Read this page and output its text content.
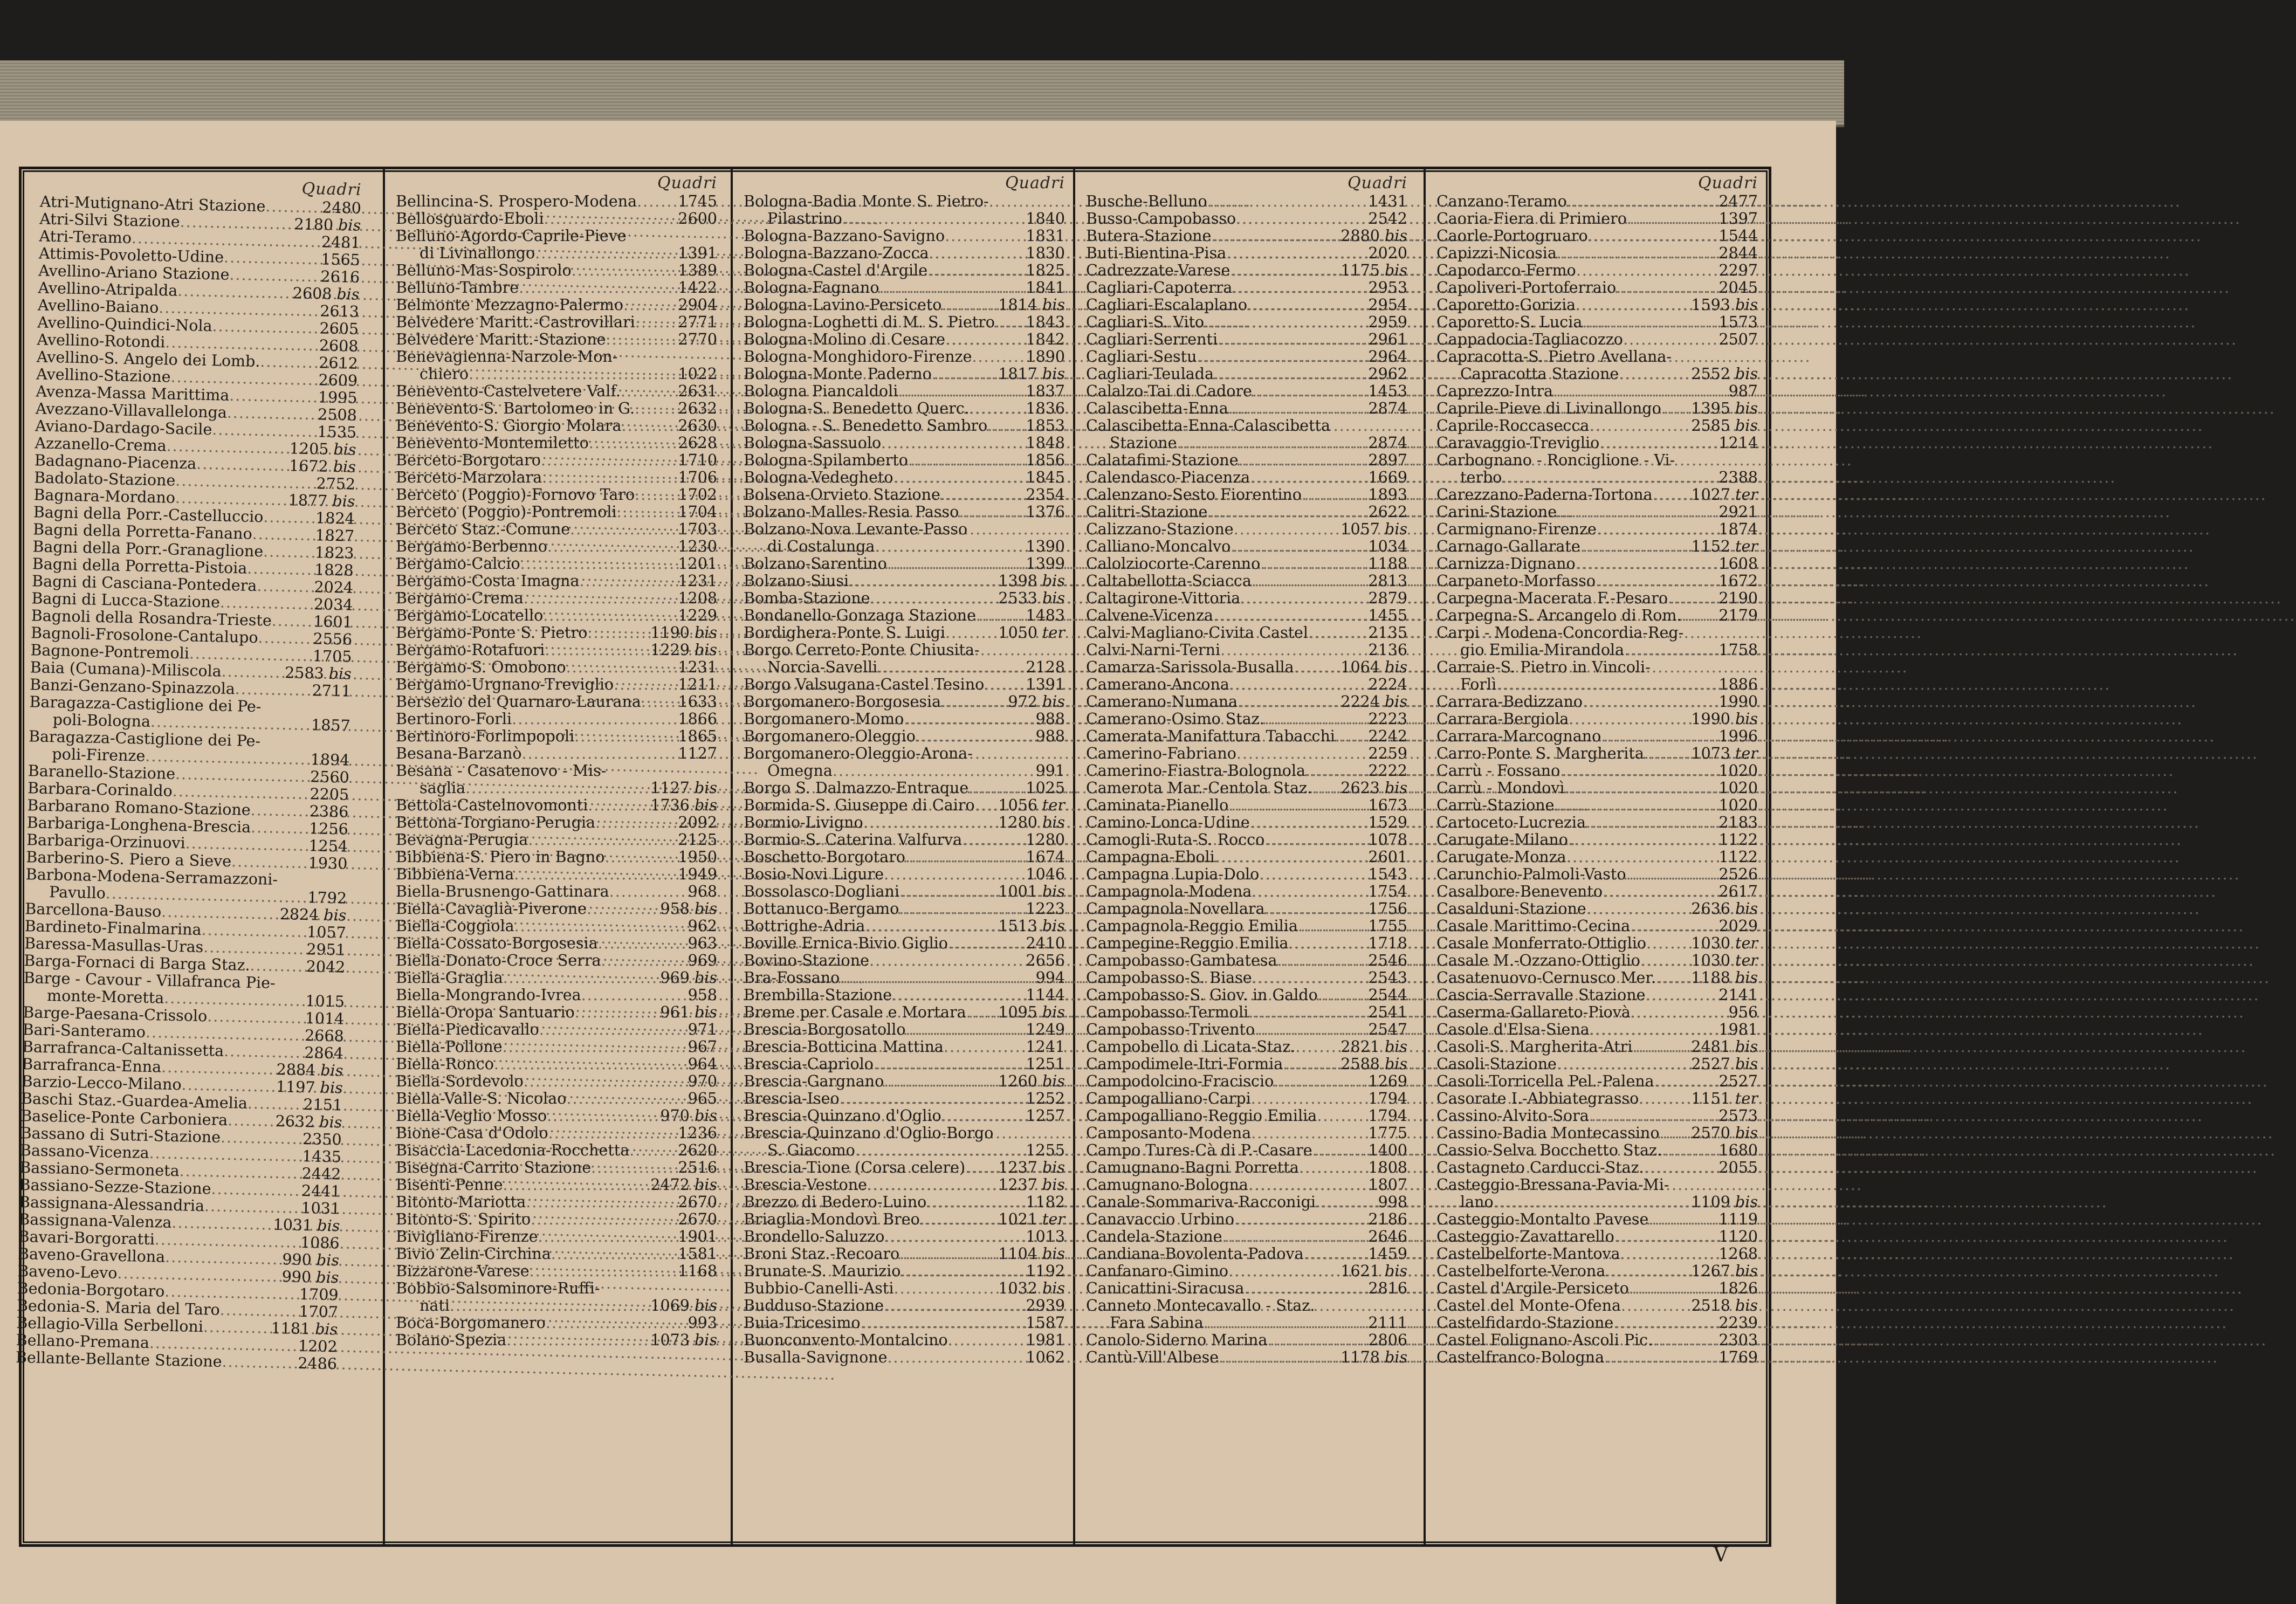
Quadri
Atri-Mutignano-Atri Stazione .....	2480
Atri-Silvi Stazione .....	2180 bis
Atri-Teramo .....	2481
Attimis-Povoletto-Udine .....	1565
Avellino-Ariano Stazione .....	2616
Avellino-Atripalda .....	2608 bis
Avellino-Baiano .....	2613
Avellino-Quindici-Nola .....	2605
Avellino-Rotondi .....	2608
Avellino-S. Angelo dei Lomb. .....	2612
Avellino-Stazione .....	2609
Avenza-Massa Marittima .....	1995
Avezzano-Villavallelonga .....	2508
Aviano-Dardago-Sacile .....	1535
Azzanello-Crema .....	1205 bis
Badagnano-Piacenza .....	1672 bis
Badolato-Stazione .....	2752
Bagnara-Mordano .....	1877 bis
Bagni della Porr.-Castelluccio .....	1824
Bagni della Porretta-Fanano .....	1827
Bagni della Porr.-Granaglione .....	1823
Bagni della Porretta-Pistoia .....	1828
Bagni di Casciana-Pontedera .....	2024
Bagni di Lucca-Stazione .....	2034
Bagnoli della Rosandra-Trieste .....	1601
Bagnoli-Frosolone-Cantalupo .....	2556
Bagnone-Pontremoli .....	1705
Baia (Cumana)-Miliscola .....	2583 bis
Banzi-Genzano-Spinazzola .....	2711
Baragazza-Castiglione dei Pe-
poli-Bologna .....	1857
Baragazza-Castiglione dei Pe-
poli-Firenze .....	1894
Baranello-Stazione .....	2560
Barbara-Corinaldo .....	2205
Barbarano Romano-Stazione .....	2386
Barbariga-Longhena-Brescia .....	1256
Barbariga-Orzinuovi .....	1254
Barberino-S. Piero a Sieve .....	1930
Barbona-Modena-Serramazzoni-
Pavullo .....	1792
Barcellona-Bauso .....	2824 bis
Bardineto-Finalmarina .....	1057
Baressa-Masullas-Uras .....	2951
Barga-Fornaci di Barga Staz. .....	2042
Barge - Cavour - Villafranca Pie-
monte-Moretta .....	1015
Barge-Paesana-Crissolo .....	1014
Bari-Santeramo .....	2668
Barrafranca-Caltanissetta .....	2864
Barrafranca-Enna .....	2884 bis
Barzio-Lecco-Milano .....	1197 bis
Baschi Staz.-Guardea-Amelia .....	2151
Baselice-Ponte Carboniera .....	2632 bis
Bassano di Sutri-Stazione .....	2350
Bassano-Vicenza .....	1435
Bassiano-Sermoneta .....	2442
Bassiano-Sezze-Stazione .....	2441
Bassignana-Alessandria .....	1031
Bassignana-Valenza .....	1031 bis
Bavari-Borgoratti .....	1086
Baveno-Gravellona .....	990 bis
Baveno-Levo .....	990 bis
Bedonia-Borgotaro .....	1709
Bedonia-S. Maria del Taro .....	1707
Bellagio-Villa Serbelloni .....	1181 bis
Bellano-Premana .....	1202
Bellante-Bellante Stazione .....	2486
Quadri
Bellincina-S. Prospero-Modena .....	1745
Bellosguardo-Eboli .....	2600
Belluno-Agordo-Caprile-Pieve
di Livinallongo .....	1391
Belluno-Mas-Sospirolo .....	1389
Belluno-Tambre .....	1422
Belmonte Mezzagno-Palermo .....	2904
Belvedere Maritt.-Castrovillari .....	2771
Belvedere Maritt.-Stazione .....	2770
Benevagienna-Narzole-Mon-
chiero .....	1022
Benevento-Castelvetere Valf. .....	2631
Benevento-S. Bartolomeo in G. .....	2632
Benevento-S. Giorgio Molara .....	2630
Benevento-Montemiletto .....	2628
Berceto-Borgotaro .....	1710
Berceto-Marzolara .....	1706
Berceto (Poggio)-Fornovo Taro .....	1702
Berceto (Poggio)-Pontremoli .....	1704
Berceto Staz.-Comune .....	1703
Bergamo-Berbenno .....	1230
Bergamo-Calcio .....	1201
Bergamo-Costa Imagna .....	1231
Bergamo-Crema .....	1208
Bergamo-Locatello .....	1229
Bergamo-Ponte S. Pietro .....	1190 bis
Bergamo-Rotafuori .....	1229 bis
Bergamo-S. Omobono .....	1231
Bergamo-Urgnano-Treviglio .....	1211
Bersezio del Quarnaro-Laurana ..... 1633
Bertinoro-Forli .....	1866
Bertinoro-Forlimpopoli .....	1865
Besana-Barzanò .....	1127
Besana - Casatenovo - Mis-
saglia .....	1127 bis
Bettola-Castelnovomonti .....	1736 bis
Bettona-Torgiano-Perugia .....	2092
Bevagna-Perugia .....	2125
Bibbiena-S. Piero in Bagno .....	1950
Bibbiena-Verna .....	1949
Biella-Brusnengo-Gattinara .....	968
Biella-Cavaglià-Piverone .....	958 bis
Biella-Coggiola .....	962
Biella-Cossato-Borgosesia .....	963
Biella-Donato-Croce Serra .....	969
Biella-Graglia .....	969 bis
Biella-Mongrando-Ivrea .....	958
Biella-Oropa Santuario .....	961 bis
Biella-Piedicavallo .....	971
Biella-Pollone .....	967
Biella-Ronco .....	964
Biella-Sordevolo .....	970
Biella-Valle-S. Nicolao .....	965
Biella-Veglio Mosso .....	970 bis
Bione-Casa d'Odolo .....	1236
Bisaccia-Lacedonia-Rocchetta .....	2620
Bisegna-Carrito Stazione .....	2516
Bisenti-Penne .....	2472 bis
Bitonto-Mariotta .....	2670
Bitonto-S. Spirito .....	2670
Bivigliano-Firenze .....	1901
Bivio Zelin-Circhina .....	1581
Bizzarone-Varese .....	1168
Bobbio-Salsominore-Ruffi-
nati .....	1069 bis
Boca-Borgomanero .....	993
Bolano-Spezia .....	1073 bis
Quadri
Bologna-Badia Monte S. Pietro-
Pilastrino .....	1840
Bologna-Bazzano-Savigno .....	1831
Bologna-Bazzano-Zocca .....	1830
Bologna-Castel d'Argile .....	1825
Bologna-Fagnano .....	1841
Bologna-Lavino-Persiceto .....	1814 bis
Bologna-Loghetti di M. S. Pietro ..... 1843
Bologna-Molino di Cesare .....	1842
Bologna-Monghidoro-Firenze .....	1890
Bologna-Monte Paderno .....	1817 bis
Bologna Piancaldoli .....	1837
Bologna-S. Benedetto Querc. .....	1836
Bologna - S. Benedetto Sambro .....	1853
Bologna-Sassuolo .....	1848
Bologna-Spilamberto .....	1856
Bologna-Vedegheto .....	1845
Bolsena-Orvieto Stazione .....	2354
Bolzano-Malles-Resia Passo .....	1376
Bolzano-Nova Levante-Passo
di Costalunga .....	1390
Bolzano-Sarentino .....	1399
Bolzano-Siusi .....	1398 bis
Bomba-Stazione .....	2533 bis
Bondanello-Gonzaga Stazione .....	1483
Bordighera-Ponte S. Luigi .....	1050 ter
Borgo Cerreto-Ponte Chiusita-
Norcia-Savelli .....	2128
Borgo Valsugana-Castel Tesino .....	1391
Borgomanero-Borgosesia .....	972 bis
Borgomanero-Momo .....	988
Borgomanero-Oleggio .....	988
Borgomanero-Oleggio-Arona-
Omegna .....	991
Borgo S. Dalmazzo-Entraque .....	1025
Bormida-S. Giuseppe di Cairo ..... 1056 ter
Bormio-Livigno .....	1280 bis
Bormio-S. Caterina Valfurva .....	1280
Boschetto-Borgotaro .....	1674
Bosio-Novi Ligure .....	1046
Bossolasco-Dogliani .....	1001 bis
Bottanuco-Bergamo .....	1223
Bottrighe-Adria .....	1513 bis
Boville Ernica-Bivio Giglio .....	2410
Bovino-Stazione .....	2656
Bra-Fossano .....	994
Brembilla-Stazione .....	1144
Breme per Casale e Mortara ..... 1095 bis
Brescia-Borgosatollo .....	1249
Brescia-Botticina Mattina .....	1241
Brescia-Capriolo .....	1251
Brescia-Gargnano .....	1260 bis
Brescia-Iseo .....	1252
Brescia-Quinzano d'Oglio .....	1257
Brescia-Quinzano d'Oglio-Borgo
S. Giacomo .....	1255
Brescia-Tione (Corsa celere) ..... 1237 bis
Brescia-Vestone .....	1237 bis
Brezzo di Bedero-Luino .....	1182
Briaglia-Mondovì Breo .....	1021 ter
Brondello-Saluzzo .....	1013
Broni Staz.-Recoaro .....	1104 bis
Brunate-S. Maurizio .....	1192
Bubbio-Canelli-Asti .....	1032 bis
Budduso-Stazione .....	2939
Buia-Tricesimo .....	1587
Buonconvento-Montalcino .....	1981
Busalla-Savignone .....	1062
Quadri
Busche-Belluno .....	1431
Busso-Campobasso .....	2542
Butera-Stazione .....	2880 bis
Buti-Bientina-Pisa .....	2020
Cadrezzate-Varese .....	1175 bis
Cagliari-Capoterra .....	2953
Cagliari-Escalaplano .....	2954
Cagliari-S. Vito .....	2959
Cagliari-Serrenti .....	2961
Cagliari-Sestu .....	2964
Cagliari-Teulada .....	2962
Calalzo-Tai di Cadore .....	1453
Calascibetta-Enna .....	2874
Calascibetta-Enna-Calascibetta
Stazione .....	2874
Calatafimi-Stazione .....	2897
Calendasco-Piacenza .....	1669
Calenzano-Sesto Fiorentino .....	1893
Calitri-Stazione .....	2622
Calizzano-Stazione .....	1057 bis
Calliano-Moncalvo .....	1034
Calolziocorte-Carenno .....	1188
Caltabellotta-Sciacca .....	2813
Caltagirone-Vittoria .....	2879
Calvene-Vicenza .....	1455
Calvi-Magliano-Civita Castel .....	2135
Calvi-Narni-Terni .....	2136
Camarza-Sarissola-Busalla .....	1064 bis
Camerano-Ancona .....	2224
Camerano-Numana .....	2224 bis
Camerano-Osimo Staz. .....	2223
Camerata-Manifattura Tabacchi ..... 2242
Camerino-Fabriano .....	2259
Camerino-Fiastra-Bolognola .....	2222
Camerota Mar.-Centola Staz. ..... 2623 bis
Caminata-Pianello .....	1673
Camino-Lonca-Udine .....	1529
Camogli-Ruta-S. Rocco .....	1078
Campagna-Eboli .....	2601
Campagna Lupia-Dolo .....	1543
Campagnola-Modena .....	1754
Campagnola-Novellara .....	1756
Campagnola-Reggio Emilia .....	1755
Campegine-Reggio Emilia .....	1718
Campobasso-Gambatesa .....	2546
Campobasso-S. Biase .....	2543
Campobasso-S. Giov. in Galdo .....	2544
Campobasso-Termoli .....	2541
Campobasso-Trivento .....	2547
Campobello di Licata-Staz. .....	2821 bis
Campodimele-Itri-Formia .....	2588 bis
Campodolcino-Fraciscio .....	1269
Campogalliano-Carpi .....	1794
Campogalliano-Reggio Emilia .....	1794
Camposanto-Modena .....	1775
Campo Tures-Cà di P.-Casare .....	1400
Camugnano-Bagni Porretta .....	1808
Camugnano-Bologna .....	1807
Canale-Sommariva-Racconigi .....	998
Canavaccio Urbino .....	2186
Candela-Stazione .....	2646
Candiana-Bovolenta-Padova .....	1459
Canfanaro-Gimino .....	1621 bis
Canicattini-Siracusa .....	2816
Canneto Montecavallo - Staz.
Fara Sabina .....	2111
Canolo-Siderno Marina .....	2806
Cantù-Vill'Albese .....	1178 bis
Quadri
Canzano-Teramo .....	2477
Caoria-Fiera di Primiero .....	1397
Caorle-Portogruaro .....	1544
Capizzi-Nicosia .....	2844
Capodarco-Fermo .....	2297
Capoliveri-Portoferraio .....	2045
Caporetto-Gorizia .....	1593 bis
Caporetto-S. Lucia .....	1573
Cappadocia-Tagliacozzo .....	2507
Capracotta-S. Pietro Avellana-
Capracotta Stazione .....	2552 bis
Caprezzo-Intra .....	987
Caprile-Pieve di Livinallongo ..... 1395 bis
Caprile-Roccasecca .....	2585 bis
Caravaggio-Treviglio .....	1214
Carbognano - Ronciglione - Vi-
terbo .....	2388
Carezzano-Paderna-Tortona .....	1027 ter
Carini-Stazione .....	2921
Carmignano-Firenze .....	1874
Carnago-Gallarate .....	1152 ter
Carnizza-Dignano .....	1608
Carpaneto-Morfasso .....	1672
Carpegna-Macerata F.-Pesaro .....	2190
Carpegna-S. Arcangelo di Rom. ..... 2179
Carpi - Modena-Concordia-Reg-
gio Emilia-Mirandola .....	1758
Carraie-S. Pietro in Vincoli-
Forlì .....	1886
Carrara-Bedizzano .....	1990
Carrara-Bergiola .....	1990 bis
Carrara-Marcognano .....	1996
Carro-Ponte S. Margherita .....	1073 ter
Carrù - Fossano .....	1020
Carrù - Mondovì .....	1020
Carrù-Stazione .....	1020
Cartoceto-Lucrezia .....	2183
Carugate-Milano .....	1122
Carugate-Monza .....	1122
Carunchio-Palmoli-Vasto .....	2526
Casalbore-Benevento .....	2617
Casalduni-Stazione .....	2636 bis
Casale Marittimo-Cecina .....	2029
Casale Monferrato-Ottiglio .....	1030 ter
Casale M.-Ozzano-Ottiglio .....	1030 ter
Casatenuovo-Cernusco Mer. ..... 1188 bis
Cascia-Serravalle Stazione .....	2141
Caserma-Gallareto-Piovà .....	956
Casole d'Elsa-Siena .....	1981
Casoli-S. Margherita-Atri .....	2481 bis
Casoli-Stazione .....	2527 bis
Casoli-Torricella Pel.-Palena .....	2527
Casorate I.-Abbiategrasso .....	1151 ter
Cassino-Alvito-Sora .....	2573
Cassino-Badia Montecassino ..... 2570 bis
Cassio-Selva Bocchetto Staz. .....	1680
Castagneto Carducci-Staz. .....	2055
Casteggio-Bressana-Pavia-Mi-
lano .....	1109 bis
Casteggio-Montalto Pavese .....	1119
Casteggio-Zavattarello .....	1120
Castelbelforte-Mantova .....	1268
Castelbelforte-Verona .....	1267 bis
Castel d'Argile-Persiceto .....	1826
Castel del Monte-Ofena .....	2518 bis
Castelfidardo-Stazione .....	2239
Castel Folignano-Ascoli Pic. .....	2303
Castelfranco-Bologna .....	1769
V
